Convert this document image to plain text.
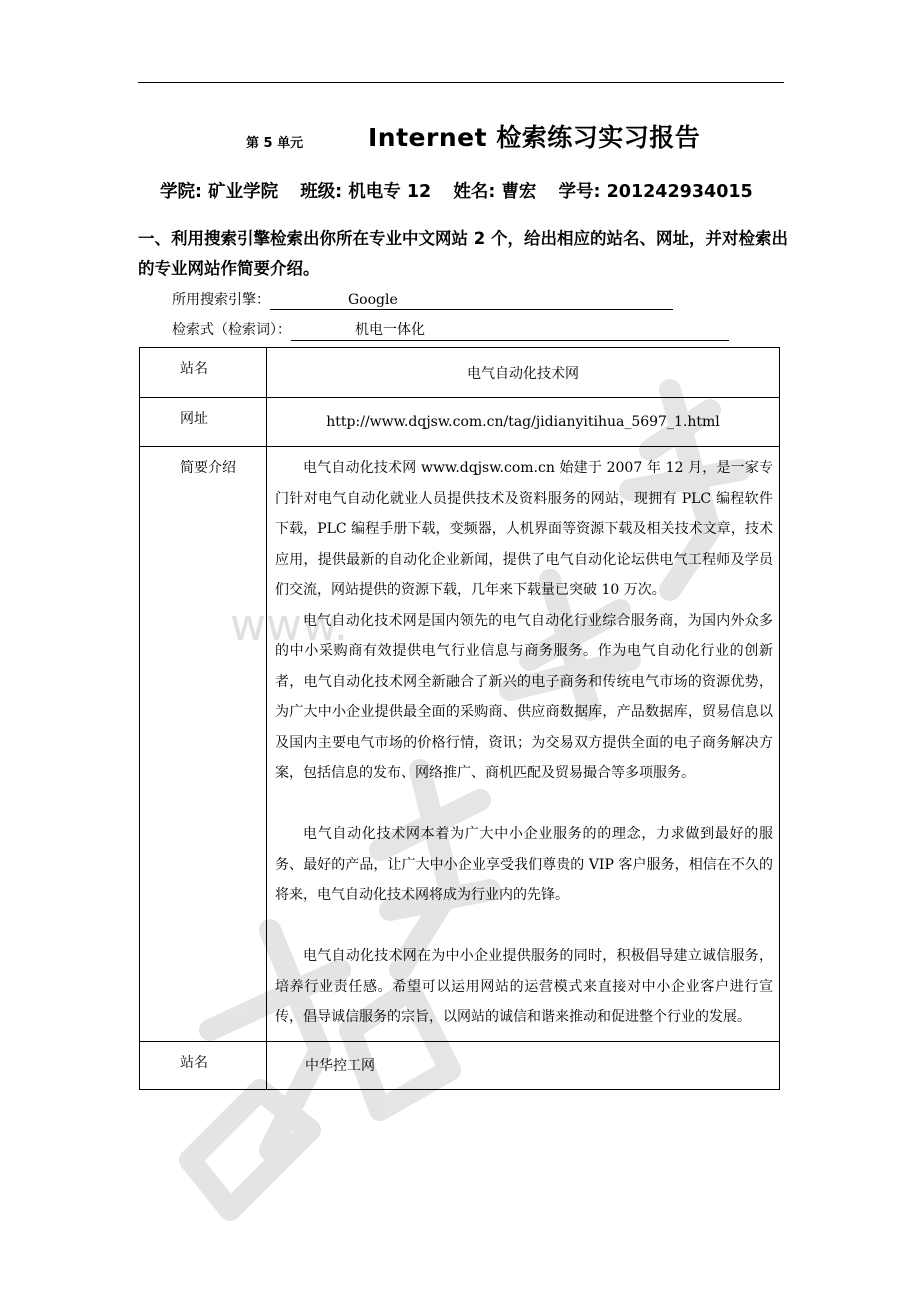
www.
第 5 单元	Internet 检索练习实习报告
学院: 矿业学院 班级: 机电专 12 姓名: 曹宏 学号: 201242934015
一、利用搜索引擎检索出你所在专业中文网站 2 个，给出相应的站名、网址，并对检索出的专业网站作简要介绍。
所用搜索引擎：	Google
检索式（检索词）：	机电一体化
站名	电气自动化技术网
网址	http://www.dqjsw.com.cn/tag/jidianyitihua_5697_1.html
简要介绍	电气自动化技术网 www.dqjsw.com.cn 始建于 2007 年 12 月，是一家专门针对电气自动化就业人员提供技术及资料服务的网站，现拥有 PLC 编程软件下载，PLC 编程手册下载，变频器，人机界面等资源下载及相关技术文章，技术应用，提供最新的自动化企业新闻，提供了电气自动化论坛供电气工程师及学员们交流，网站提供的资源下载，几年来下载量已突破 10 万次。

电气自动化技术网是国内领先的电气自动化行业综合服务商，为国内外众多的中小采购商有效提供电气行业信息与商务服务。作为电气自动化行业的创新者，电气自动化技术网全新融合了新兴的电子商务和传统电气市场的资源优势，为广大中小企业提供最全面的采购商、供应商数据库，产品数据库，贸易信息以及国内主要电气市场的价格行情，资讯；为交易双方提供全面的电子商务解决方案，包括信息的发布、网络推广、商机匹配及贸易撮合等多项服务。

电气自动化技术网本着为广大中小企业服务的的理念，力求做到最好的服务、最好的产品，让广大中小企业享受我们尊贵的 VIP 客户服务，相信在不久的将来，电气自动化技术网将成为行业内的先锋。

电气自动化技术网在为中小企业提供服务的同时，积极倡导建立诚信服务，培养行业责任感。希望可以运用网站的运营模式来直接对中小企业客户进行宣传，倡导诚信服务的宗旨，以网站的诚信和谐来推动和促进整个行业的发展。

站名	中华控工网
